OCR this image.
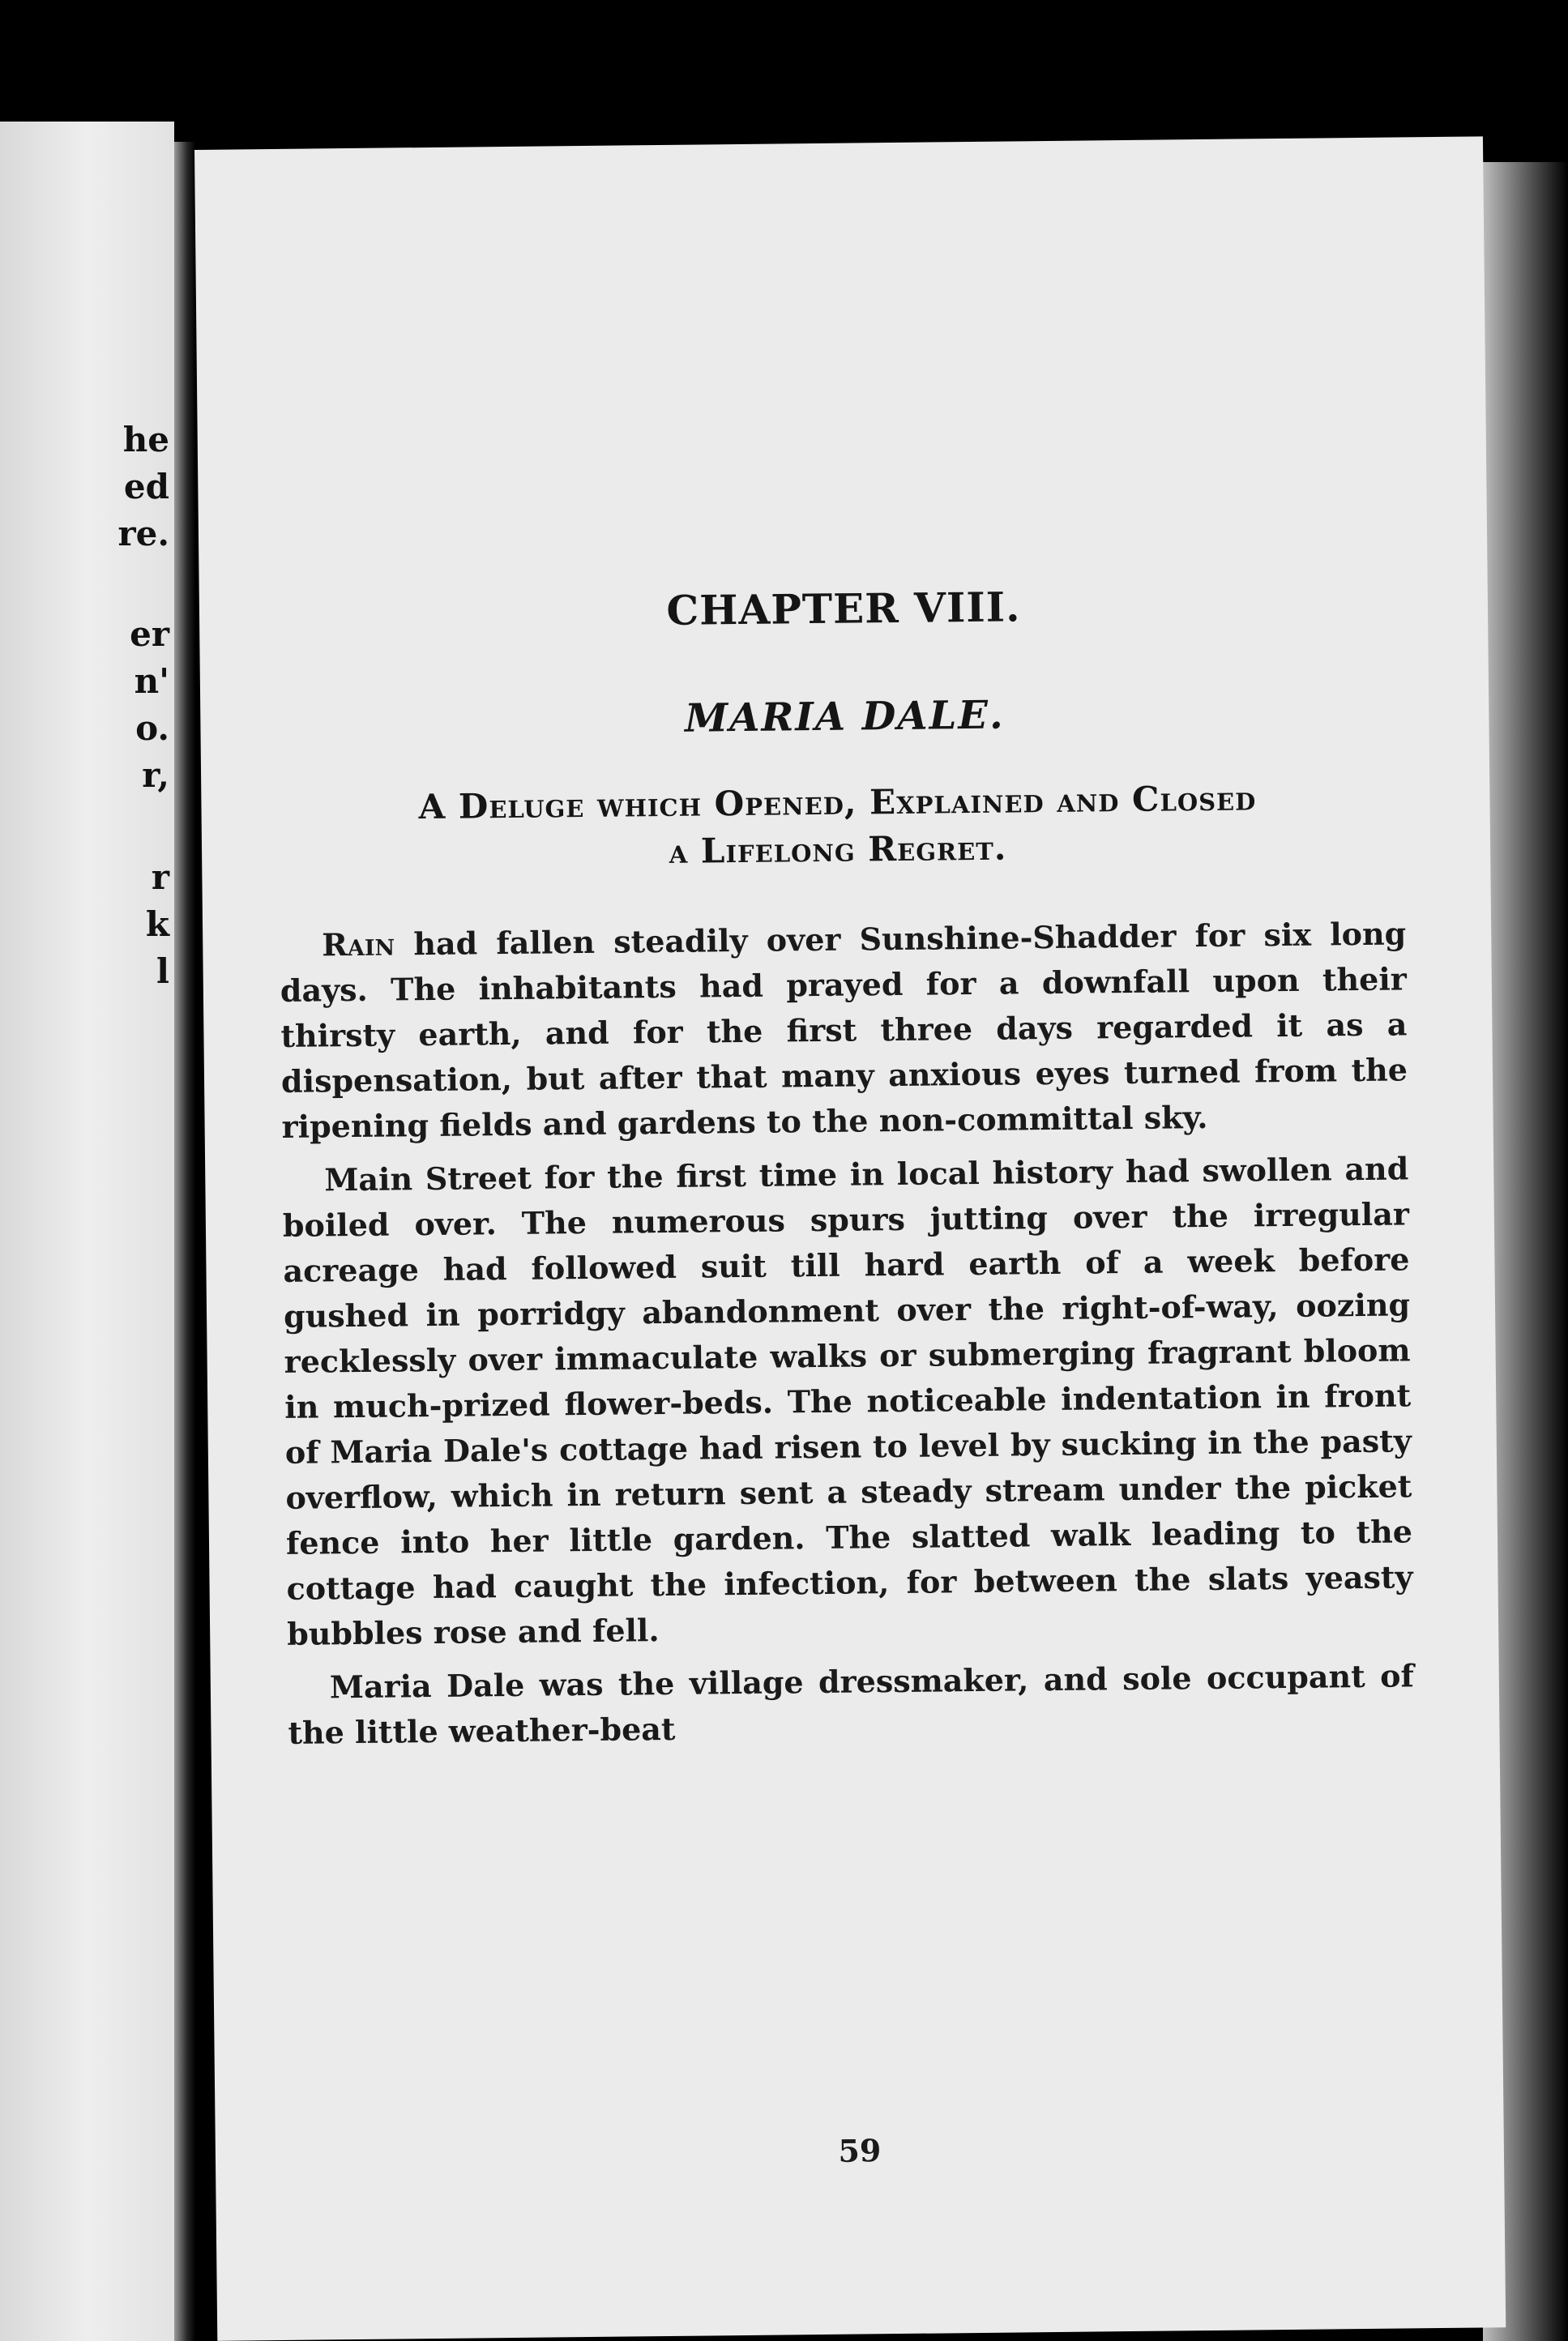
he
ed
re.
er
n'
o.
r,
r
k
l
CHAPTER VIII.
MARIA DALE.
A Deluge which Opened, Explained and Closed
a Lifelong Regret.

Rain had fallen steadily over Sunshine-Shadder for six long days. The inhabitants had prayed for a downfall upon their thirsty earth, and for the first three days regarded it as a dispensation, but after that many anxious eyes turned from the ripening fields and gardens to the non-committal sky.

Main Street for the first time in local history had swollen and boiled over. The numerous spurs jutting over the irregular acreage had followed suit till hard earth of a week before gushed in porridgy abandonment over the right-of-way, oozing recklessly over immaculate walks or submerging fragrant bloom in much-prized flower-beds. The noticeable indentation in front of Maria Dale's cottage had risen to level by sucking in the pasty overflow, which in return sent a steady stream under the picket fence into her little garden. The slatted walk leading to the cottage had caught the infection, for between the slats yeasty bubbles rose and fell.

Maria Dale was the village dressmaker, and sole occupant of the little weather-beat

59
